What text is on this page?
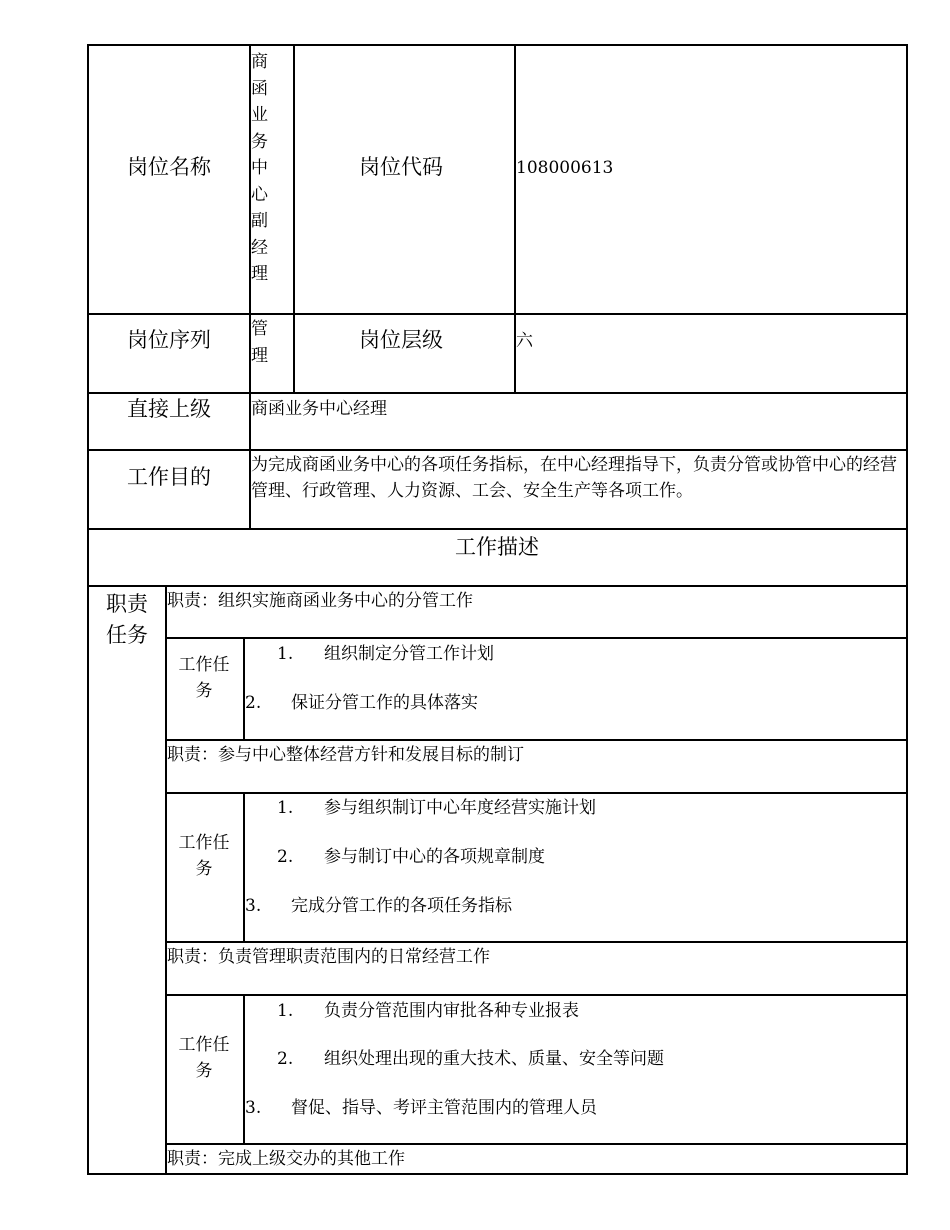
岗位名称
商
函
业
务
中
心
副
经
理
岗位代码	108000613
岗位序列 管
理
岗位层级	六
直接上级 商函业务中心经理
工作目的 为完成商函业务中心的各项任务指标，在中心经理指导下，负责分管或协管中心的经营管理、行政管理、人力资源、工会、安全生产等各项工作。
工作描述
职责
任务
职责：组织实施商函业务中心的分管工作
工作任
务
1. 组织制定分管工作计划
2. 保证分管工作的具体落实
职责：参与中心整体经营方针和发展目标的制订
工作任
务
1. 参与组织制订中心年度经营实施计划
2. 参与制订中心的各项规章制度
3. 完成分管工作的各项任务指标
职责：负责管理职责范围内的日常经营工作
工作任
务
1. 负责分管范围内审批各种专业报表
2. 组织处理出现的重大技术、质量、安全等问题
3. 督促、指导、考评主管范围内的管理人员
职责：完成上级交办的其他工作
